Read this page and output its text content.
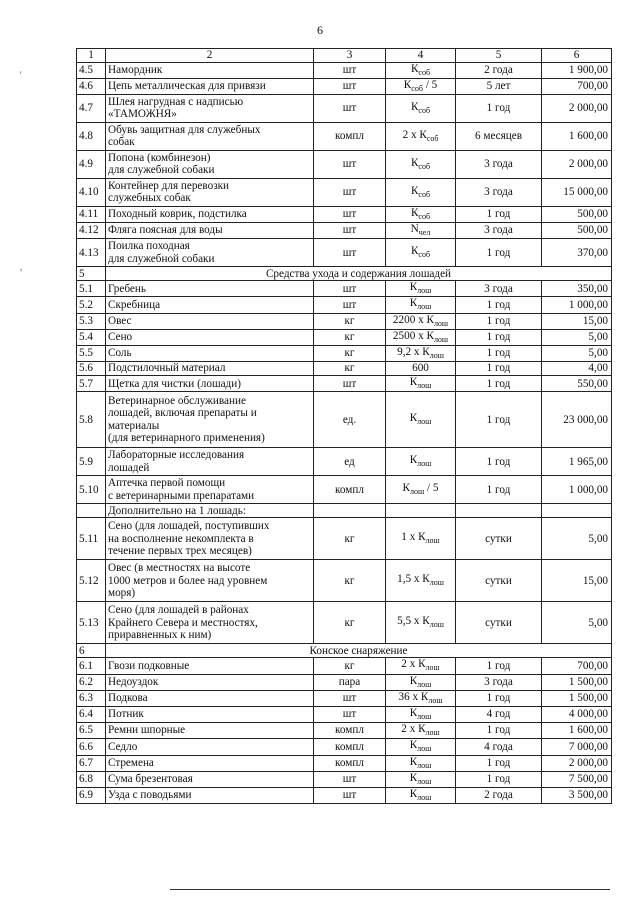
6
'
,
1	2	3	4	5	6
4.5	Намордник	шт	$К_{соб}$	2 года	1 900,00
4.6	Цепь металлическая для привязи	шт	$К_{соб} / 5$	5 лет	700,00
4.7	Шлея нагрудная с надписью
«ТАМОЖНЯ»	шт	$К_{соб}$	1 год	2 000,00
4.8	Обувь защитная для служебных
собак	компл	2 x $К_{соб}$	6 месяцев	1 600,00
4.9	Попона (комбинезон)
для служебной собаки	шт	$К_{соб}$	3 года	2 000,00
4.10	Контейнер для перевозки
служебных собак	шт	$К_{соб}$	3 года	15 000,00
4.11	Походный коврик, подстилка	шт	$К_{соб}$	1 год	500,00
4.12	Фляга поясная для воды	шт	$N_{чел}$	3 года	500,00
4.13	Поилка походная
для служебной собаки	шт	$К_{соб}$	1 год	370,00
5	Средства ухода и содержания лошадей				
5.1	Гребень	шт	$К_{лош}$	3 года	350,00
5.2	Скребница	шт	$К_{лош}$	1 год	1 000,00
5.3	Овес	кг	2200 x $К_{лош}$	1 год	15,00
5.4	Сено	кг	2500 x $К_{лош}$	1 год	5,00
5.5	Соль	кг	9,2 x $К_{лош}$	1 год	5,00
5.6	Подстилочный материал	кг	600	1 год	4,00
5.7	Щетка для чистки (лошади)	шт	$К_{лош}$	1 год	550,00
5.8	Ветеринарное обслуживание
лошадей, включая препараты и
материалы
(для ветеринарного применения)	ед.	$К_{лош}$	1 год	23 000,00
5.9	Лабораторные исследования
лошадей	ед	$К_{лош}$	1 год	1 965,00
5.10	Аптечка первой помощи
с ветеринарными препаратами	компл	$К_{лош} / 5$	1 год	1 000,00

	Дополнительно на 1 лошадь:				

5.11	Сено (для лошадей, поступивших
на восполнение некомплекта в
течение первых трех месяцев)	кг	1 x $К_{лош}$	сутки	5,00
5.12	Овес (в местностях на высоте
1000 метров и более над уровнем
моря)	кг	1,5 x $К_{лош}$	сутки	15,00
5.13	Сено (для лошадей в районах
Крайнего Севера и местностях,
приравненных к ним)	кг	5,5 x $К_{лош}$	сутки	5,00
6	Конское снаряжение				
6.1	Гвози подковные	кг	2 x $К_{лош}$	1 год	700,00
6.2	Недоуздок	пара	$К_{лош}$	3 года	1 500,00
6.3	Подкова	шт	36 x $К_{лош}$	1 год	1 500,00
6.4	Потник	шт	$К_{лош}$	4 год	4 000,00
6.5	Ремни шпорные	компл	2 x $К_{лош}$	1 год	1 600,00
6.6	Седло	компл	$К_{лош}$	4 года	7 000,00
6.7	Стремена	компл	$К_{лош}$	1 год	2 000,00
6.8	Сума брезентовая	шт	$К_{лош}$	1 год	7 500,00
6.9	Узда с поводьями	шт	$К_{лош}$	2 года	3 500,00
